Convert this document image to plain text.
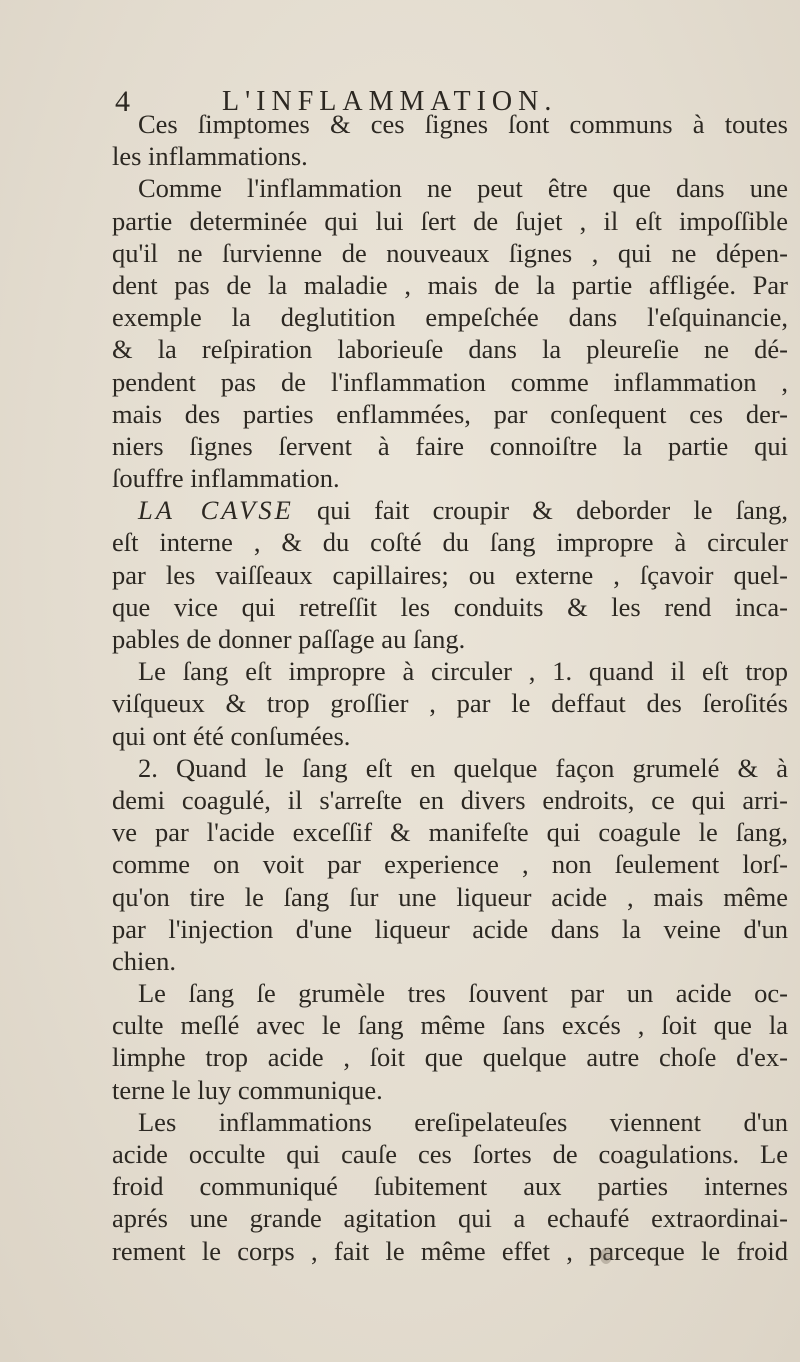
4	L'INFLAMMATION.
Ces ſimptomes & ces ſignes ſont communs à toutes
les inflammations.
Comme l'inflammation ne peut être que dans une
partie determinée qui lui ſert de ſujet , il eſt impoſſible
qu'il ne ſurvienne de nouveaux ſignes , qui ne dépen-
dent pas de la maladie , mais de la partie affligée. Par
exemple la deglutition empeſchée dans l'eſquinancie,
& la reſpiration laborieuſe dans la pleureſie ne dé-
pendent pas de l'inflammation comme inflammation ,
mais des parties enflammées, par conſequent ces der-
niers ſignes ſervent à faire connoiſtre la partie qui
ſouffre inflammation.
LA CAVSE qui fait croupir & deborder le ſang,
eſt interne , & du coſté du ſang impropre à circuler
par les vaiſſeaux capillaires; ou externe , ſçavoir quel-
que vice qui retreſſit les conduits & les rend inca-
pables de donner paſſage au ſang.
Le ſang eſt impropre à circuler , 1. quand il eſt trop
viſqueux & trop groſſier , par le deffaut des ſeroſités
qui ont été conſumées.
2. Quand le ſang eſt en quelque façon grumelé & à
demi coagulé, il s'arreſte en divers endroits, ce qui arri-
ve par l'acide exceſſif & manifeſte qui coagule le ſang,
comme on voit par experience , non ſeulement lorſ-
qu'on tire le ſang ſur une liqueur acide , mais même
par l'injection d'une liqueur acide dans la veine d'un
chien.
Le ſang ſe grumèle tres ſouvent par un acide oc-
culte meſlé avec le ſang même ſans excés , ſoit que la
limphe trop acide , ſoit que quelque autre choſe d'ex-
terne le luy communique.
Les inflammations ereſipelateuſes viennent d'un
acide occulte qui cauſe ces ſortes de coagulations. Le
froid communiqué ſubitement aux parties internes
aprés une grande agitation qui a echaufé extraordinai-
rement le corps , fait le même effet , parceque le froid
